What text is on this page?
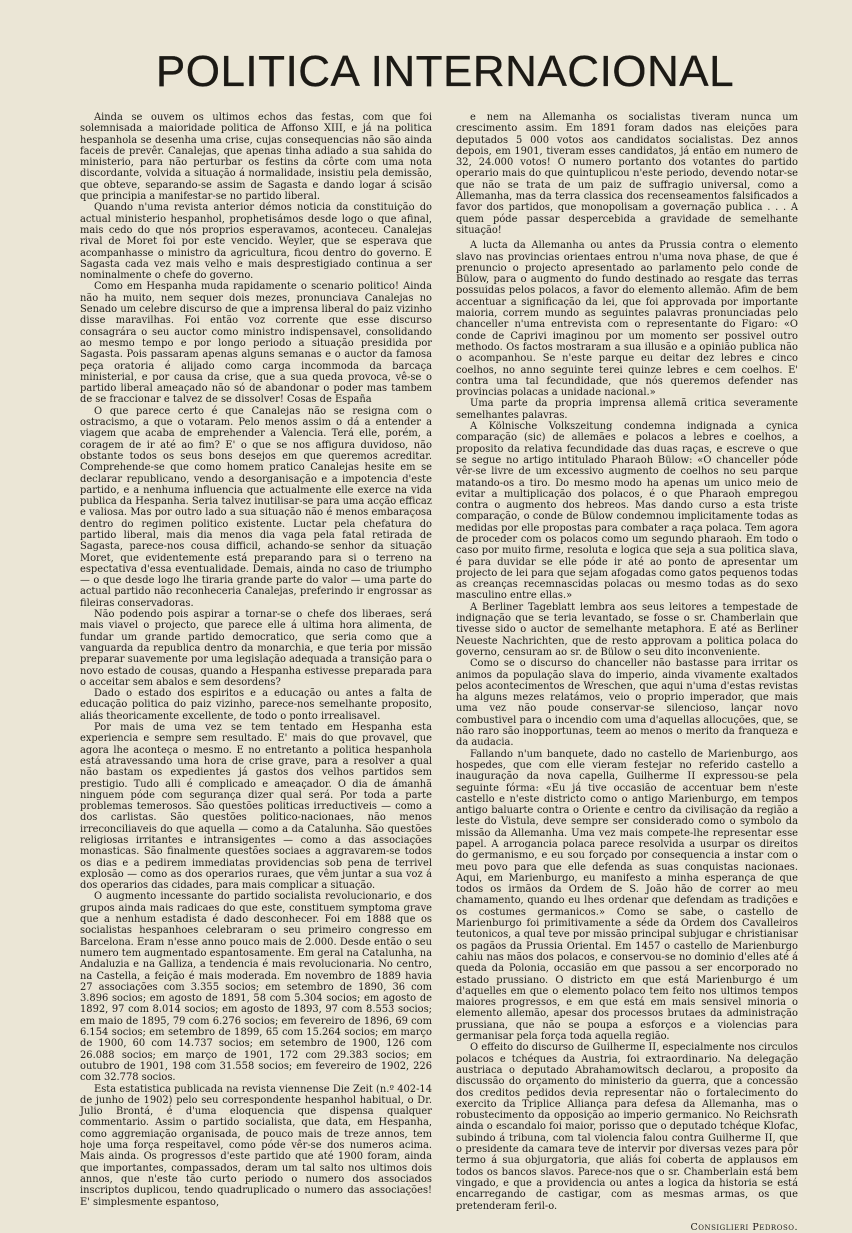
POLITICA INTERNACIONAL

Ainda se ouvem os ultimos echos das festas, com que foi solemnisada a maioridade politica de Affonso XIII, e já na politica hespanhola se desenha uma crise, cujas consequencias não são ainda faceis de prevêr. Canalejas, que apenas tinha adiado a sua sahida do ministerio, para não perturbar os festins da côrte com uma nota discordante, volvida a situação á normalidade, insistiu pela demissão, que obteve, separando-se assim de Sagasta e dando logar á scisão que principia a manifestar-se no partido liberal.

Quando n'uma revista anterior démos noticia da constituição do actual ministerio hespanhol, prophetisámos desde logo o que afinal, mais cedo do que nós proprios esperavamos, aconteceu. Canalejas rival de Moret foi por este vencido. Weyler, que se esperava que acompanhasse o ministro da agricultura, ficou dentro do governo. E Sagasta cada vez mais velho e mais desprestigiado continua a ser nominalmente o chefe do governo.

Como em Hespanha muda rapidamente o scenario politico! Ainda não ha muito, nem sequer dois mezes, pronunciava Canalejas no Senado um celebre discurso de que a imprensa liberal do paiz vizinho disse maravilhas. Foi então voz corrente que esse discurso consagrára o seu auctor como ministro indispensavel, consolidando ao mesmo tempo e por longo periodo a situação presidida por Sagasta. Pois passaram apenas alguns semanas e o auctor da famosa peça oratoria é alijado como carga incommoda da barcaça ministerial, e por causa da crise, que a sua queda provoca, vê-se o partido liberal ameaçado não só de abandonar o poder mas tambem de se fraccionar e talvez de se dissolver! Cosas de España

O que parece certo é que Canalejas não se resigna com o ostracismo, a que o votaram. Pelo menos assim o dá a entender a viagem que acaba de emprehender a Valencia. Terá elle, porém, a coragem de ir até ao fim? E' o que se nos affigura duvidoso, não obstante todos os seus bons desejos em que queremos acreditar. Comprehende-se que como homem pratico Canalejas hesite em se declarar republicano, vendo a desorganisação e a impotencia d'este partido, e a nenhuma influencia que actualmente elle exerce na vida publica da Hespanha. Seria talvez inutilisar-se para uma acção efficaz e valiosa. Mas por outro lado a sua situação não é menos embaraçosa dentro do regimen politico existente. Luctar pela chefatura do partido liberal, mais dia menos dia vaga pela fatal retirada de Sagasta, parece-nos cousa difficil, achando-se senhor da situação Moret, que evidentemente está preparando para si o terreno na espectativa d'essa eventualidade. Demais, ainda no caso de triumpho — o que desde logo lhe tiraria grande parte do valor — uma parte do actual partido não reconheceria Canalejas, preferindo ir engrossar as fileiras conservadoras.

Não podendo pois aspirar a tornar-se o chefe dos liberaes, será mais viavel o projecto, que parece elle á ultima hora alimenta, de fundar um grande partido democratico, que seria como que a vanguarda da republica dentro da monarchia, e que teria por missão preparar suavemente por uma legislação adequada a transição para o novo estado de cousas, quando a Hespanha estivesse preparada para o acceitar sem abalos e sem desordens?

Dado o estado dos espiritos e a educação ou antes a falta de educação politica do paiz vizinho, parece-nos semelhante proposito, aliás theoricamente excellente, de todo o ponto irrealisavel.

Por mais de uma vez se tem tentado em Hespanha esta experiencia e sempre sem resultado. E' mais do que provavel, que agora lhe aconteça o mesmo. E no entretanto a politica hespanhola está atravessando uma hora de crise grave, para a resolver a qual não bastam os expedientes já gastos dos velhos partidos sem prestigio. Tudo alli é complicado e ameaçador. O dia de ámanhã ninguem póde com segurança dizer qual será. Por toda a parte problemas temerosos. São questões politicas irreductiveis — como a dos carlistas. São questões politico-nacionaes, não menos irreconciliaveis do que aquella — como a da Catalunha. São questões religiosas irritantes e intransigentes — como a das associações monasticas. São finalmente questões sociaes a aggravarem-se todos os dias e a pedirem immediatas providencias sob pena de terrivel explosão — como as dos operarios ruraes, que vêm juntar a sua voz á dos operarios das cidades, para mais complicar a situação.

O augmento incessante do partido socialista revolucionario, e dos grupos ainda mais radicaes do que este, constituem symptoma grave que a nenhum estadista é dado desconhecer. Foi em 1888 que os socialistas hespanhoes celebraram o seu primeiro congresso em Barcelona. Eram n'esse anno pouco mais de 2.000. Desde então o seu numero tem augmentado espantosamente. Em geral na Catalunha, na Andaluzia e na Galliza, a tendencia é mais revolucionaria. No centro, na Castella, a feição é mais moderada. Em novembro de 1889 havia 27 associações com 3.355 socios; em setembro de 1890, 36 com 3.896 socios; em agosto de 1891, 58 com 5.304 socios; em agosto de 1892, 97 com 8.014 socios; em agosto de 1893, 97 com 8.553 socios; em maio de 1895, 79 com 6.276 socios; em fevereiro de 1896, 69 com 6.154 socios; em setembro de 1899, 65 com 15.264 socios; em março de 1900, 60 com 14.737 socios; em setembro de 1900, 126 com 26.088 socios; em março de 1901, 172 com 29.383 socios; em outubro de 1901, 198 com 31.558 socios; em fevereiro de 1902, 226 com 32.778 socios.

Esta estatistica publicada na revista viennense Die Zeit (n.º 402-14 de junho de 1902) pelo seu correspondente hespanhol habitual, o Dr. Julio Brontá, é d'uma eloquencia que dispensa qualquer commentario. Assim o partido socialista, que data, em Hespanha, como aggremiação organisada, de pouco mais de treze annos, tem hoje uma força respeitavel, como póde vêr-se dos numeros acima. Mais ainda. Os progressos d'este partido que até 1900 foram, ainda que importantes, compassados, deram um tal salto nos ultimos dois annos, que n'este tão curto periodo o numero dos associados inscriptos duplicou, tendo quadruplicado o numero das associações! E' simplesmente espantoso,

e nem na Allemanha os socialistas tiveram nunca um crescimento assim. Em 1891 foram dados nas eleições para deputados 5 000 votos aos candidatos socialistas. Dez annos depois, em 1901, tiveram esses candidatos, já então em numero de 32, 24.000 votos! O numero portanto dos votantes do partido operario mais do que quintuplicou n'este periodo, devendo notar-se que não se trata de um paiz de suffragio universal, como a Allemanha, mas da terra classica dos recenseamentos falsificados a favor dos partidos, que monopolisam a governação publica . . . A quem póde passar despercebida a gravidade de semelhante situação!

A lucta da Allemanha ou antes da Prussia contra o elemento slavo nas provincias orientaes entrou n'uma nova phase, de que é prenuncio o projecto apresentado ao parlamento pelo conde de Bülow, para o augmento do fundo destinado ao resgate das terras possuidas pelos polacos, a favor do elemento allemão. Afim de bem accentuar a significação da lei, que foi approvada por importante maioria, correm mundo as seguintes palavras pronunciadas pelo chanceller n'uma entrevista com o representante do Figaro: «O conde de Caprivi imaginou por um momento ser possivel outro methodo. Os factos mostraram a sua illusão e a opinião publica não o acompanhou. Se n'este parque eu deitar dez lebres e cinco coelhos, no anno seguinte terei quinze lebres e cem coelhos. E' contra uma tal fecundidade, que nós queremos defender nas provincias polacas a unidade nacional.»

Uma parte da propria imprensa allemã critica severamente semelhantes palavras.

A Kölnische Volkszeitung condemna indignada a cynica comparação (sic) de allemães e polacos a lebres e coelhos, a proposito da relativa fecundidade das duas raças, e escreve o que se segue no artigo intitulado Pharaoh Bülow: «O chanceller póde vêr-se livre de um excessivo augmento de coelhos no seu parque matando-os a tiro. Do mesmo modo ha apenas um unico meio de evitar a multiplicação dos polacos, é o que Pharaoh empregou contra o augmento dos hebreos. Mas dando curso a esta triste comparação, o conde de Bülow condemnou implicitamente todas as medidas por elle propostas para combater a raça polaca. Tem agora de proceder com os polacos como um segundo pharaoh. Em todo o caso por muito firme, resoluta e logica que seja a sua politica slava, é para duvidar se elle póde ir até ao ponto de apresentar um projecto de lei para que sejam afogadas como gatos pequenos todas as creanças recemnascidas polacas ou mesmo todas as do sexo masculino entre ellas.»

A Berliner Tageblatt lembra aos seus leitores a tempestade de indignação que se teria levantado, se fosse o sr. Chamberlain que tivesse sido o auctor de semelhante metaphora. E até as Berliner Neueste Nachrichten, que de resto approvam a politica polaca do governo, censuram ao sr. de Bülow o seu dito inconveniente.

Como se o discurso do chanceller não bastasse para irritar os animos da população slava do imperio, ainda vivamente exaltados pelos acontecimentos de Wreschen, que aqui n'uma d'estas revistas ha alguns mezes relatámos, veio o proprio imperador, que mais uma vez não poude conservar-se silencioso, lançar novo combustivel para o incendio com uma d'aquellas allocuções, que, se não raro são inopportunas, teem ao menos o merito da franqueza e da audacia.

Fallando n'um banquete, dado no castello de Marienburgo, aos hospedes, que com elle vieram festejar no referido castello a inauguração da nova capella, Guilherme II expressou-se pela seguinte fórma: «Eu já tive occasião de accentuar bem n'este castello e n'este districto como o antigo Marienburgo, em tempos antigo baluarte contra o Oriente e centro da civilisação da região a leste do Vistula, deve sempre ser considerado como o symbolo da missão da Allemanha. Uma vez mais compete-lhe representar esse papel. A arrogancia polaca parece resolvida a usurpar os direitos do germanismo, e eu sou forçado por consequencia a instar com o meu povo para que elle defenda as suas conquistas nacionaes. Aqui, em Marienburgo, eu manifesto a minha esperança de que todos os irmãos da Ordem de S. João hão de correr ao meu chamamento, quando eu lhes ordenar que defendam as tradições e os costumes germanicos.» Como se sabe, o castello de Marienburgo foi primitivamente a séde da Ordem dos Cavalleiros teutonicos, a qual teve por missão principal subjugar e christianisar os pagãos da Prussia Oriental. Em 1457 o castello de Marienburgo cahiu nas mãos dos polacos, e conservou-se no dominio d'elles até á queda da Polonia, occasião em que passou a ser encorporado no estado prussiano. O districto em que está Marienburgo é um d'aquelles em que o elemento polaco tem feito nos ultimos tempos maiores progressos, e em que está em mais sensivel minoria o elemento allemão, apesar dos processos brutaes da administração prussiana, que não se poupa a esforços e a violencias para germanisar pela força toda aquella região.

O effeito do discurso de Guilherme II, especialmente nos circulos polacos e tchéques da Austria, foi extraordinario. Na delegação austriaca o deputado Abrahamowitsch declarou, a proposito da discussão do orçamento do ministerio da guerra, que a concessão dos creditos pedidos devia representar não o fortalecimento do exercito da Triplice Alliança para defesa da Allemanha, mas o robustecimento da opposição ao imperio germanico. No Reichsrath ainda o escandalo foi maior, porisso que o deputado tchéque Klofac, subindo á tribuna, com tal violencia falou contra Guilherme II, que o presidente da camara teve de intervir por diversas vezes para pôr termo á sua objurgatoria, que aliás foi coberta de applausos em todos os bancos slavos. Parece-nos que o sr. Chamberlain está bem vingado, e que a providencia ou antes a logica da historia se está encarregando de castigar, com as mesmas armas, os que pretenderam feril-o.

Consiglieri Pedroso.
